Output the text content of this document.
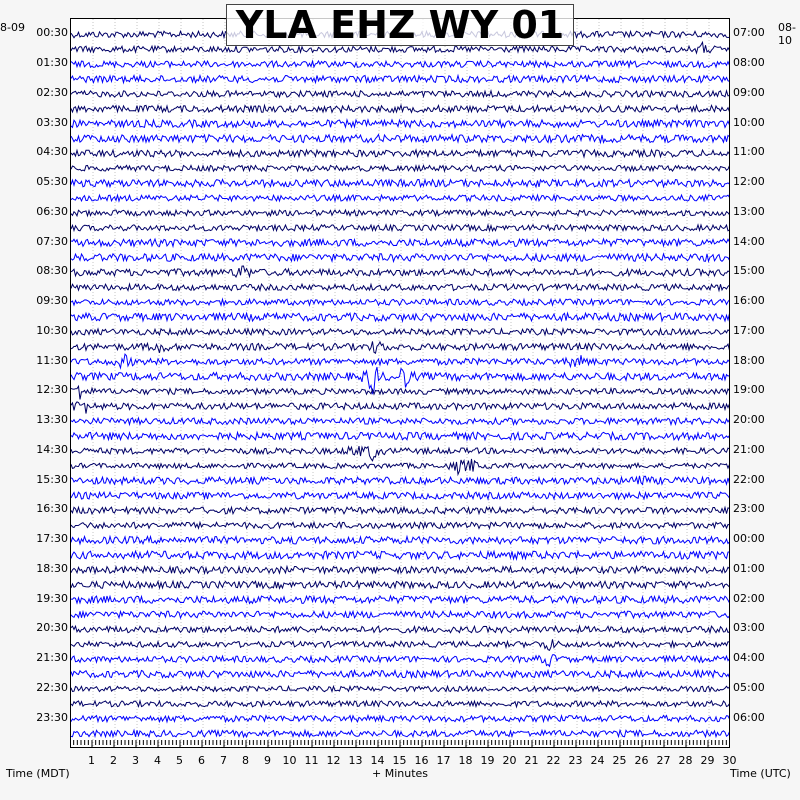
YLA EHZ WY 01
8-09	08-10
00:30
01:30
02:30
03:30
04:30
05:30
06:30
07:30
08:30
09:30
10:30
11:30
12:30
13:30
14:30
15:30
16:30
17:30
18:30
19:30
20:30
21:30
22:30
23:30
07:00
08:00
09:00
10:00
11:00
12:00
13:00
14:00
15:00
16:00
17:00
18:00
19:00
20:00
21:00
22:00
23:00
00:00
01:00
02:00
03:00
04:00
05:00
06:00
1	2	3	4	5	6	7	8	9	10 11 12 13 14 15 16 17 18 19 20 21 22 23 24 25 26 27 28 29 30
Time (MDT)	+ Minutes	Time (UTC)
